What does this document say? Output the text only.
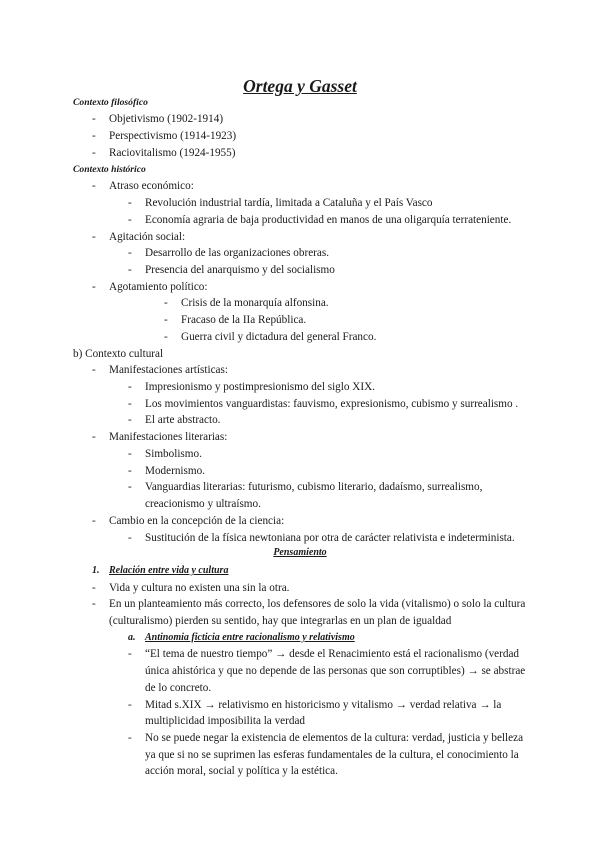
Ortega y Gasset
Contexto filosófico
- Objetivismo (1902-1914)
- Perspectivismo (1914-1923)
- Raciovitalismo (1924-1955)
Contexto histórico
- Atraso económico:
- Revolución industrial tardía, limitada a Cataluña y el País Vasco
- Economía agraria de baja productividad en manos de una oligarquía terrateniente.
- Agitación social:
- Desarrollo de las organizaciones obreras.
- Presencia del anarquismo y del socialismo
- Agotamiento político:
- Crisis de la monarquía alfonsina.
- Fracaso de la IIa República.
- Guerra civil y dictadura del general Franco.
b) Contexto cultural
- Manifestaciones artísticas:
- Impresionismo y postimpresionismo del siglo XIX.
- Los movimientos vanguardistas: fauvismo, expresionismo, cubismo y surrealismo .
- El arte abstracto.
- Manifestaciones literarias:
- Simbolismo.
- Modernismo.
- Vanguardias literarias: futurismo, cubismo literario, dadaísmo, surrealismo,
creacionismo y ultraísmo.
- Cambio en la concepción de la ciencia:
- Sustitución de la física newtoniana por otra de carácter relativista e indeterminista.
Pensamiento
1. Relación entre vida y cultura
- Vida y cultura no existen una sin la otra.
- En un planteamiento más correcto, los defensores de solo la vida (vitalismo) o solo la cultura
(culturalismo) pierden su sentido, hay que integrarlas en un plan de igualdad
a. Antinomia ficticia entre racionalismo y relativismo
- “El tema de nuestro tiempo” → desde el Renacimiento está el racionalismo (verdad
única ahistórica y que no depende de las personas que son corruptibles) → se abstrae
de lo concreto.
- Mitad s.XIX → relativismo en historicismo y vitalismo → verdad relativa → la
multiplicidad imposibilita la verdad
- No se puede negar la existencia de elementos de la cultura: verdad, justicia y belleza
ya que si no se suprimen las esferas fundamentales de la cultura, el conocimiento la
acción moral, social y política y la estética.
